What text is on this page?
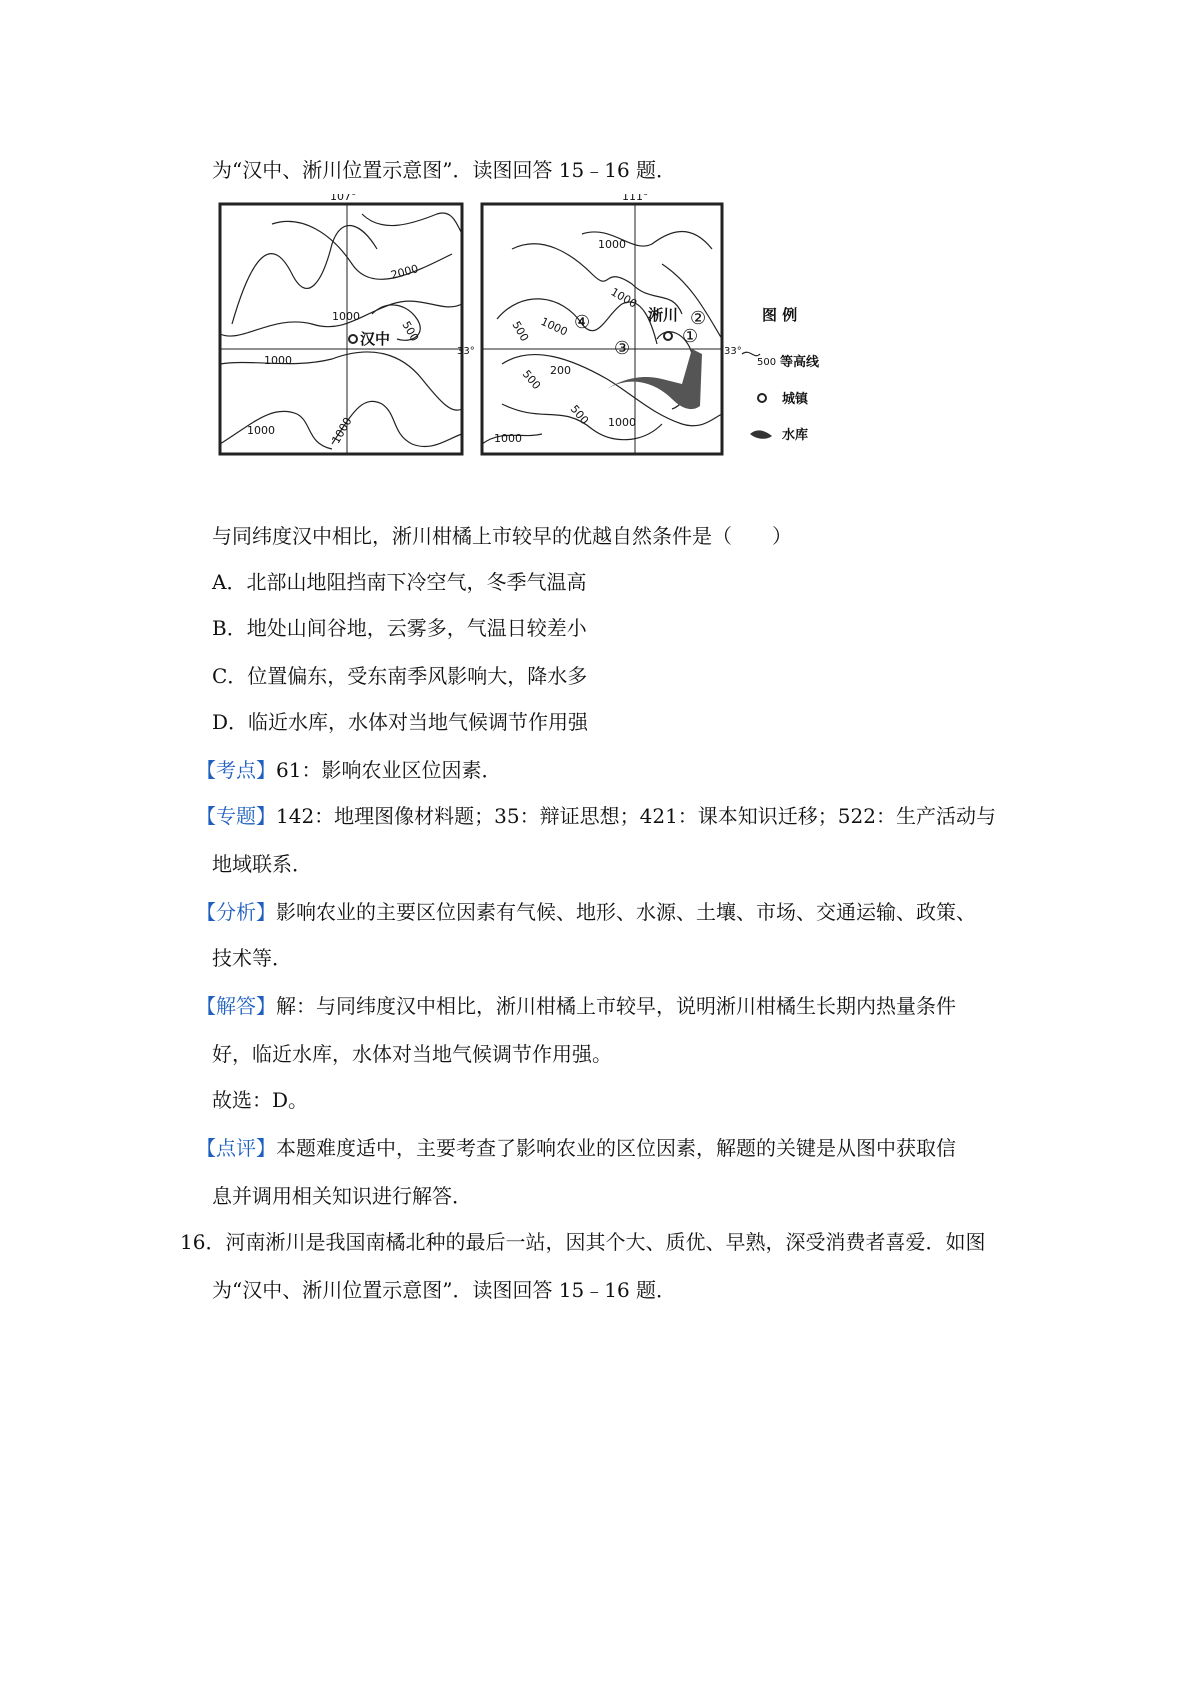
为“汉中、淅川位置示意图”．读图回答 15﹣16 题．
107°
2000
1000
500
1000
1000	1000
汉中
111°
33°	33°
1000
1000
500 1000
200
500
500 1000
1000
淅川
①
②
③
④	图 例
500 等高线
城镇
水库
与同纬度汉中相比，淅川柑橘上市较早的优越自然条件是（　　）
A．北部山地阻挡南下冷空气，冬季气温高
B．地处山间谷地，云雾多，气温日较差小
C．位置偏东，受东南季风影响大，降水多
D．临近水库，水体对当地气候调节作用强
【考点】61：影响农业区位因素．
【专题】142：地理图像材料题；35：辩证思想；421：课本知识迁移；522：生产活动与
地域联系．
【分析】影响农业的主要区位因素有气候、地形、水源、土壤、市场、交通运输、政策、
技术等．
【解答】解：与同纬度汉中相比，淅川柑橘上市较早，说明淅川柑橘生长期内热量条件
好，临近水库，水体对当地气候调节作用强。
故选：D。
【点评】本题难度适中，主要考查了影响农业的区位因素，解题的关键是从图中获取信
息并调用相关知识进行解答．
16．河南淅川是我国南橘北种的最后一站，因其个大、质优、早熟，深受消费者喜爱．如图
为“汉中、淅川位置示意图”．读图回答 15﹣16 题．
